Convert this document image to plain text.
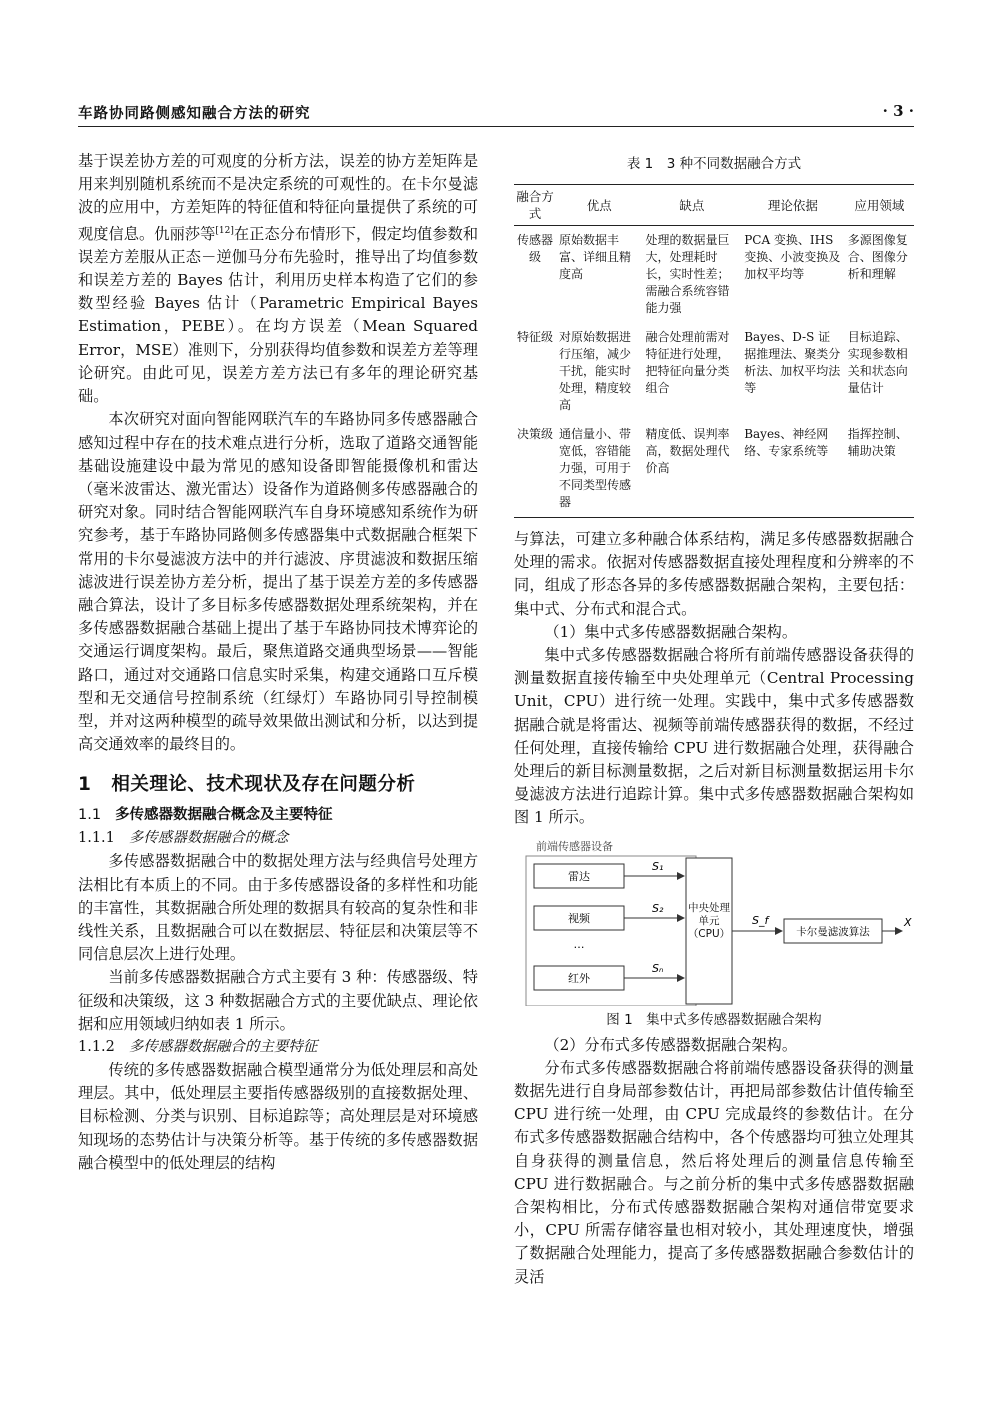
车路协同路侧感知融合方法的研究	· 3 ·

基于误差协方差的可观度的分析方法，误差的协方差矩阵是用来判别随机系统而不是决定系统的可观性的。在卡尔曼滤波的应用中，方差矩阵的特征值和特征向量提供了系统的可观度信息。仇丽莎等[12]在正态分布情形下，假定均值参数和误差方差服从正态－逆伽马分布先验时，推导出了均值参数和误差方差的 Bayes 估计，利用历史样本构造了它们的参数型经验 Bayes 估计（Parametric Empirical Bayes Estimation，PEBE）。在均方误差（Mean Squared Error，MSE）准则下，分别获得均值参数和误差方差等理论研究。由此可见，误差方差方法已有多年的理论研究基础。

本次研究对面向智能网联汽车的车路协同多传感器融合感知过程中存在的技术难点进行分析，选取了道路交通智能基础设施建设中最为常见的感知设备即智能摄像机和雷达（毫米波雷达、激光雷达）设备作为道路侧多传感器融合的研究对象。同时结合智能网联汽车自身环境感知系统作为研究参考，基于车路协同路侧多传感器集中式数据融合框架下常用的卡尔曼滤波方法中的并行滤波、序贯滤波和数据压缩滤波进行误差协方差分析，提出了基于误差方差的多传感器融合算法，设计了多目标多传感器数据处理系统架构，并在多传感器数据融合基础上提出了基于车路协同技术博弈论的交通运行调度架构。最后，聚焦道路交通典型场景——智能路口，通过对交通路口信息实时采集，构建交通路口互斥模型和无交通信号控制系统（红绿灯）车路协同引导控制模型，并对这两种模型的疏导效果做出测试和分析，以达到提高交通效率的最终目的。

1 相关理论、技术现状及存在问题分析
1.1 多传感器数据融合概念及主要特征
1.1.1 多传感器数据融合的概念

多传感器数据融合中的数据处理方法与经典信号处理方法相比有本质上的不同。由于多传感器设备的多样性和功能的丰富性，其数据融合所处理的数据具有较高的复杂性和非线性关系，且数据融合可以在数据层、特征层和决策层等不同信息层次上进行处理。

当前多传感器数据融合方式主要有 3 种：传感器级、特征级和决策级，这 3 种数据融合方式的主要优缺点、理论依据和应用领域归纳如表 1 所示。

1.1.2 多传感器数据融合的主要特征

传统的多传感器数据融合模型通常分为低处理层和高处理层。其中，低处理层主要指传感器级别的直接数据处理、目标检测、分类与识别、目标追踪等；高处理层是对环境感知现场的态势估计与决策分析等。基于传统的多传感器数据融合模型中的低处理层的结构

表 1　3 种不同数据融合方式
融合方式	优点	缺点	理论依据	应用领域
传感器级	原始数据丰富、详细且精度高	处理的数据量巨大，处理耗时长，实时性差；需融合系统容错能力强	PCA 变换、IHS 变换、小波变换及加权平均等	多源图像复合、图像分析和理解
特征级	对原始数据进行压缩，减少干扰，能实时处理，精度较高	融合处理前需对特征进行处理，把特征向量分类组合	Bayes、D-S 证据推理法、聚类分析法、加权平均法等	目标追踪、实现参数相关和状态向量估计
决策级	通信量小、带宽低，容错能力强，可用于不同类型传感器	精度低、误判率高，数据处理代价高	Bayes、神经网络、专家系统等	指挥控制、辅助决策

与算法，可建立多种融合体系结构，满足多传感器数据融合处理的需求。依据对传感器数据直接处理程度和分辨率的不同，组成了形态各异的多传感器数据融合架构，主要包括：集中式、分布式和混合式。

（1）集中式多传感器数据融合架构。

集中式多传感器数据融合将所有前端传感器设备获得的测量数据直接传输至中央处理单元（Central Processing Unit，CPU）进行统一处理。实践中，集中式多传感器数据融合就是将雷达、视频等前端传感器获得的数据，不经过任何处理，直接传输给 CPU 进行数据融合处理，获得融合处理后的新目标测量数据，之后对新目标测量数据运用卡尔曼滤波方法进行追踪计算。集中式多传感器数据融合架构如图 1 所示。

前端传感器设备
雷达
视频
…
红外
S₁
S₂
Sₙ
中央处理单元（CPU）
S_f
卡尔曼滤波算法
X
图 1　集中式多传感器数据融合架构

（2）分布式多传感器数据融合架构。

分布式多传感器数据融合将前端传感器设备获得的测量数据先进行自身局部参数估计，再把局部参数估计值传输至 CPU 进行统一处理，由 CPU 完成最终的参数估计。在分布式多传感器数据融合结构中，各个传感器均可独立处理其自身获得的测量信息，然后将处理后的测量信息传输至 CPU 进行数据融合。与之前分析的集中式多传感器数据融合架构相比，分布式传感器数据融合架构对通信带宽要求小，CPU 所需存储容量也相对较小，其处理速度快，增强了数据融合处理能力，提高了多传感器数据融合参数估计的灵活
